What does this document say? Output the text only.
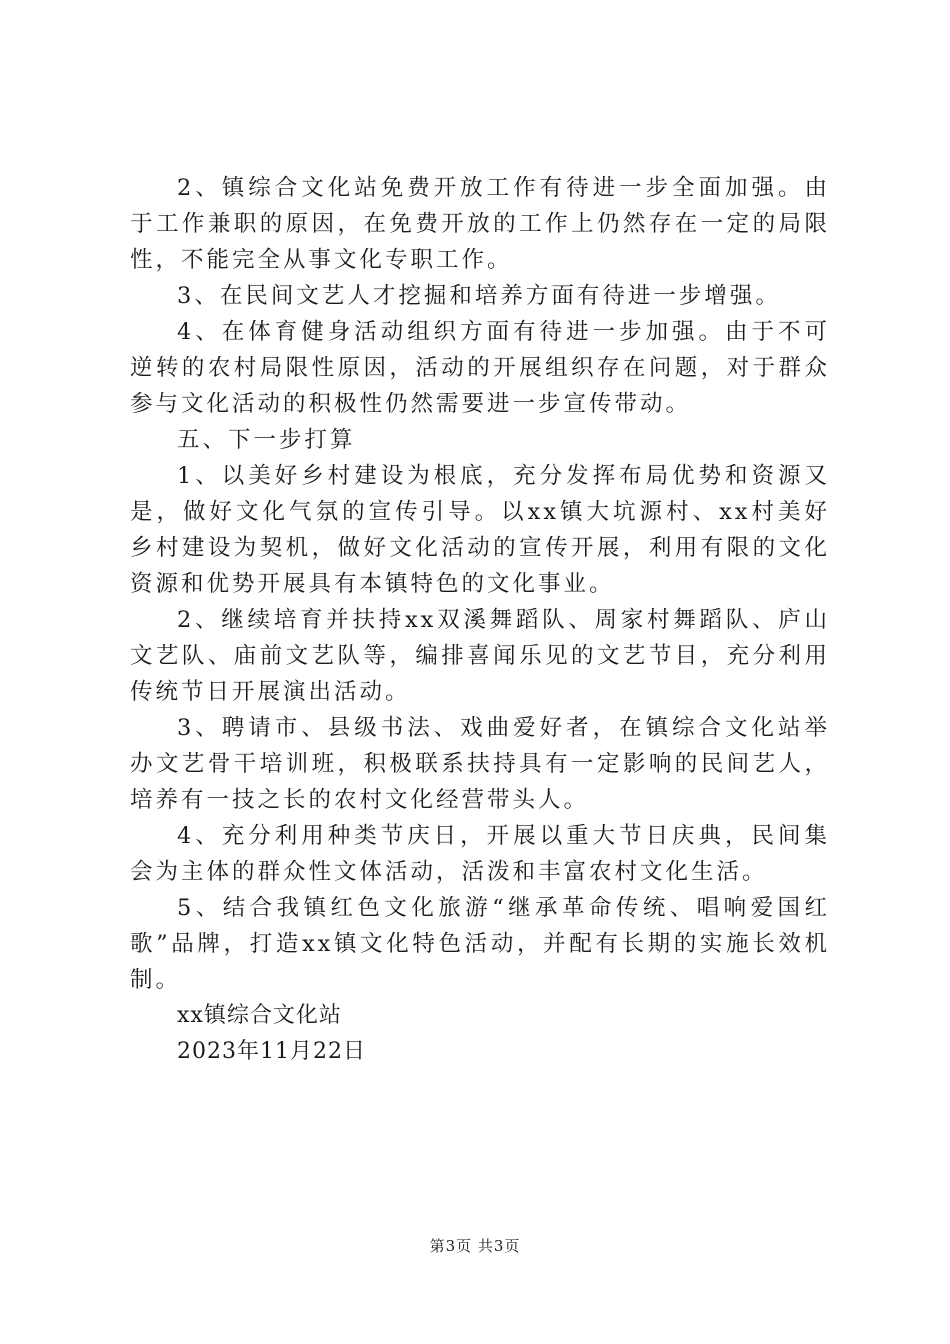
2、镇综合文化站免费开放工作有待进一步全面加强。由于工作兼职的原因，在免费开放的工作上仍然存在一定的局限性，不能完全从事文化专职工作。

3、在民间文艺人才挖掘和培养方面有待进一步增强。

4、在体育健身活动组织方面有待进一步加强。由于不可逆转的农村局限性原因，活动的开展组织存在问题，对于群众参与文化活动的积极性仍然需要进一步宣传带动。

五、下一步打算

1、以美好乡村建设为根底，充分发挥布局优势和资源又是，做好文化气氛的宣传引导。以xx镇大坑源村、xx村美好乡村建设为契机，做好文化活动的宣传开展，利用有限的文化资源和优势开展具有本镇特色的文化事业。

2、继续培育并扶持xx双溪舞蹈队、周家村舞蹈队、庐山文艺队、庙前文艺队等，编排喜闻乐见的文艺节目，充分利用传统节日开展演出活动。

3、聘请市、县级书法、戏曲爱好者，在镇综合文化站举办文艺骨干培训班，积极联系扶持具有一定影响的民间艺人，培养有一技之长的农村文化经营带头人。

4、充分利用种类节庆日，开展以重大节日庆典，民间集会为主体的群众性文体活动，活泼和丰富农村文化生活。

5、结合我镇红色文化旅游“继承革命传统、唱响爱国红歌”品牌，打造xx镇文化特色活动，并配有长期的实施长效机制。

xx镇综合文化站

2023年11月22日

第3页 共3页
